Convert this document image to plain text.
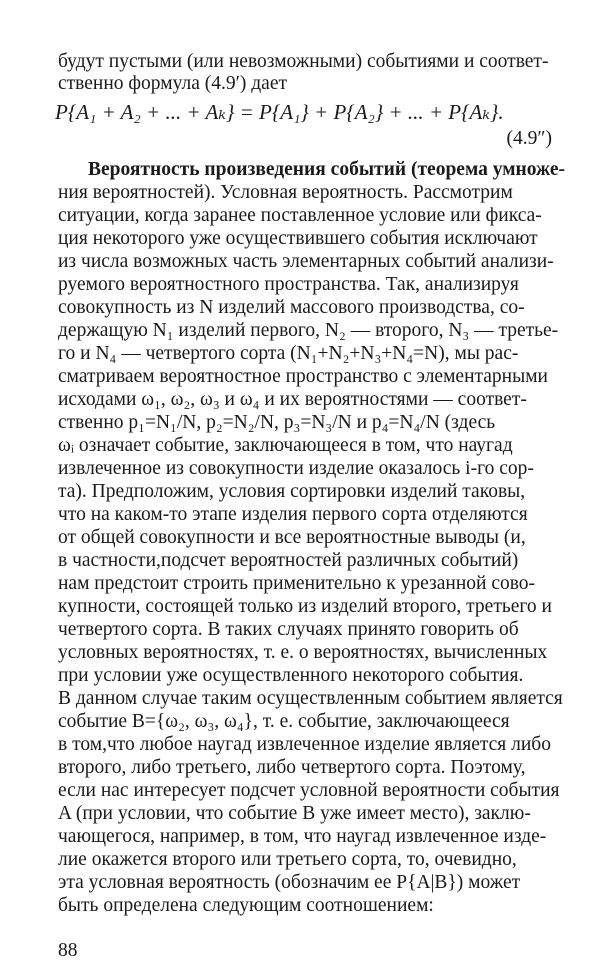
будут пустыми (или невозможными) событиями и соответ-
ственно формула (4.9′) дает
P{A₁ + A₂ + ... + Aₖ} = P{A₁} + P{A₂} + ... + P{Aₖ}.
(4.9″)
Вероятность произведения событий (теорема умноже-
ния вероятностей). Условная вероятность. Рассмотрим
ситуации, когда заранее поставленное условие или фикса-
ция некоторого уже осуществившего события исключают
из числа возможных часть элементарных событий анализи-
руемого вероятностного пространства. Так, анализируя
совокупность из N изделий массового производства, со-
держащую N₁ изделий первого, N₂ — второго, N₃ — третье-
го и N₄ — четвертого сорта (N₁+N₂+N₃+N₄=N), мы рас-
сматриваем вероятностное пространство с элементарными
исходами ω₁, ω₂, ω₃ и ω₄ и их вероятностями — соответ-
ственно p₁=N₁/N, p₂=N₂/N, p₃=N₃/N и p₄=N₄/N (здесь
ωᵢ означает событие, заключающееся в том, что наугад
извлеченное из совокупности изделие оказалось i-го сор-
та). Предположим, условия сортировки изделий таковы,
что на каком-то этапе изделия первого сорта отделяются
от общей совокупности и все вероятностные выводы (и,
в частности,подсчет вероятностей различных событий)
нам предстоит строить применительно к урезанной сово-
купности, состоящей только из изделий второго, третьего и
четвертого сорта. В таких случаях принято говорить об
условных вероятностях, т. е. о вероятностях, вычисленных
при условии уже осуществленного некоторого события.
В данном случае таким осуществленным событием является
событие B={ω₂, ω₃, ω₄}, т. е. событие, заключающееся
в том,что любое наугад извлеченное изделие является либо
второго, либо третьего, либо четвертого сорта. Поэтому,
если нас интересует подсчет условной вероятности события
A (при условии, что событие B уже имеет место), заклю-
чающегося, например, в том, что наугад извлеченное изде-
лие окажется второго или третьего сорта, то, очевидно,
эта условная вероятность (обозначим ее P{A|B}) может
быть определена следующим соотношением:
88
